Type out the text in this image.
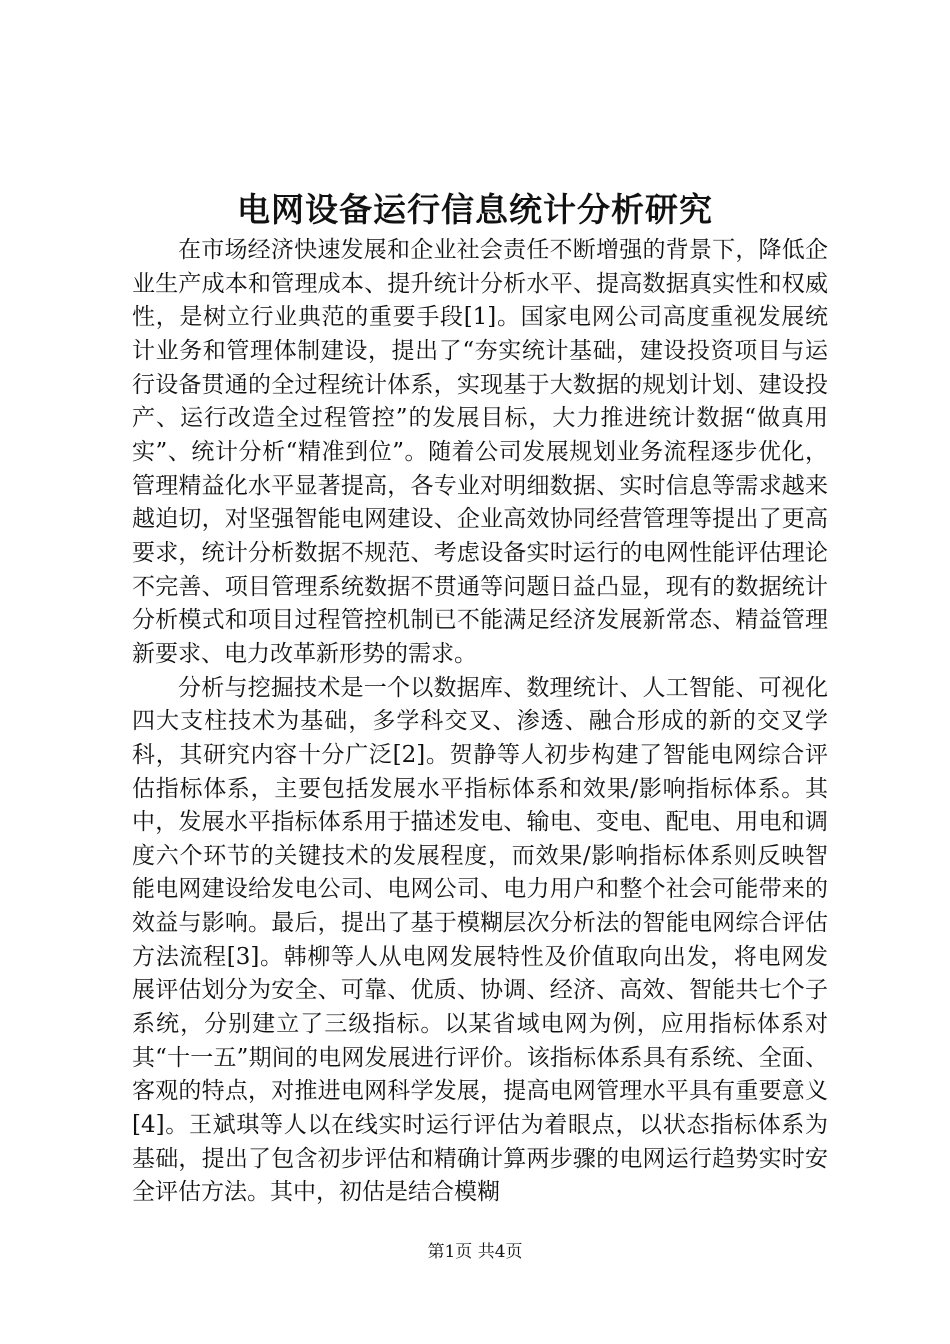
电网设备运行信息统计分析研究

在市场经济快速发展和企业社会责任不断增强的背景下，降低企业生产成本和管理成本、提升统计分析水平、提高数据真实性和权威性，是树立行业典范的重要手段[1]。国家电网公司高度重视发展统计业务和管理体制建设，提出了“夯实统计基础，建设投资项目与运行设备贯通的全过程统计体系，实现基于大数据的规划计划、建设投产、运行改造全过程管控”的发展目标，大力推进统计数据“做真用实”、统计分析“精准到位”。随着公司发展规划业务流程逐步优化，管理精益化水平显著提高，各专业对明细数据、实时信息等需求越来越迫切，对坚强智能电网建设、企业高效协同经营管理等提出了更高要求，统计分析数据不规范、考虑设备实时运行的电网性能评估理论不完善、项目管理系统数据不贯通等问题日益凸显，现有的数据统计分析模式和项目过程管控机制已不能满足经济发展新常态、精益管理新要求、电力改革新形势的需求。

分析与挖掘技术是一个以数据库、数理统计、人工智能、可视化四大支柱技术为基础，多学科交叉、渗透、融合形成的新的交叉学科，其研究内容十分广泛[2]。贺静等人初步构建了智能电网综合评估指标体系，主要包括发展水平指标体系和效果/影响指标体系。其中，发展水平指标体系用于描述发电、输电、变电、配电、用电和调度六个环节的关键技术的发展程度，而效果/影响指标体系则反映智能电网建设给发电公司、电网公司、电力用户和整个社会可能带来的效益与影响。最后，提出了基于模糊层次分析法的智能电网综合评估方法流程[3]。韩柳等人从电网发展特性及价值取向出发，将电网发展评估划分为安全、可靠、优质、协调、经济、高效、智能共七个子系统，分别建立了三级指标。以某省域电网为例，应用指标体系对其“十一五”期间的电网发展进行评价。该指标体系具有系统、全面、客观的特点，对推进电网科学发展，提高电网管理水平具有重要意义[4]。王斌琪等人以在线实时运行评估为着眼点，以状态指标体系为基础，提出了包含初步评估和精确计算两步骤的电网运行趋势实时安全评估方法。其中，初估是结合模糊

第1页 共4页
